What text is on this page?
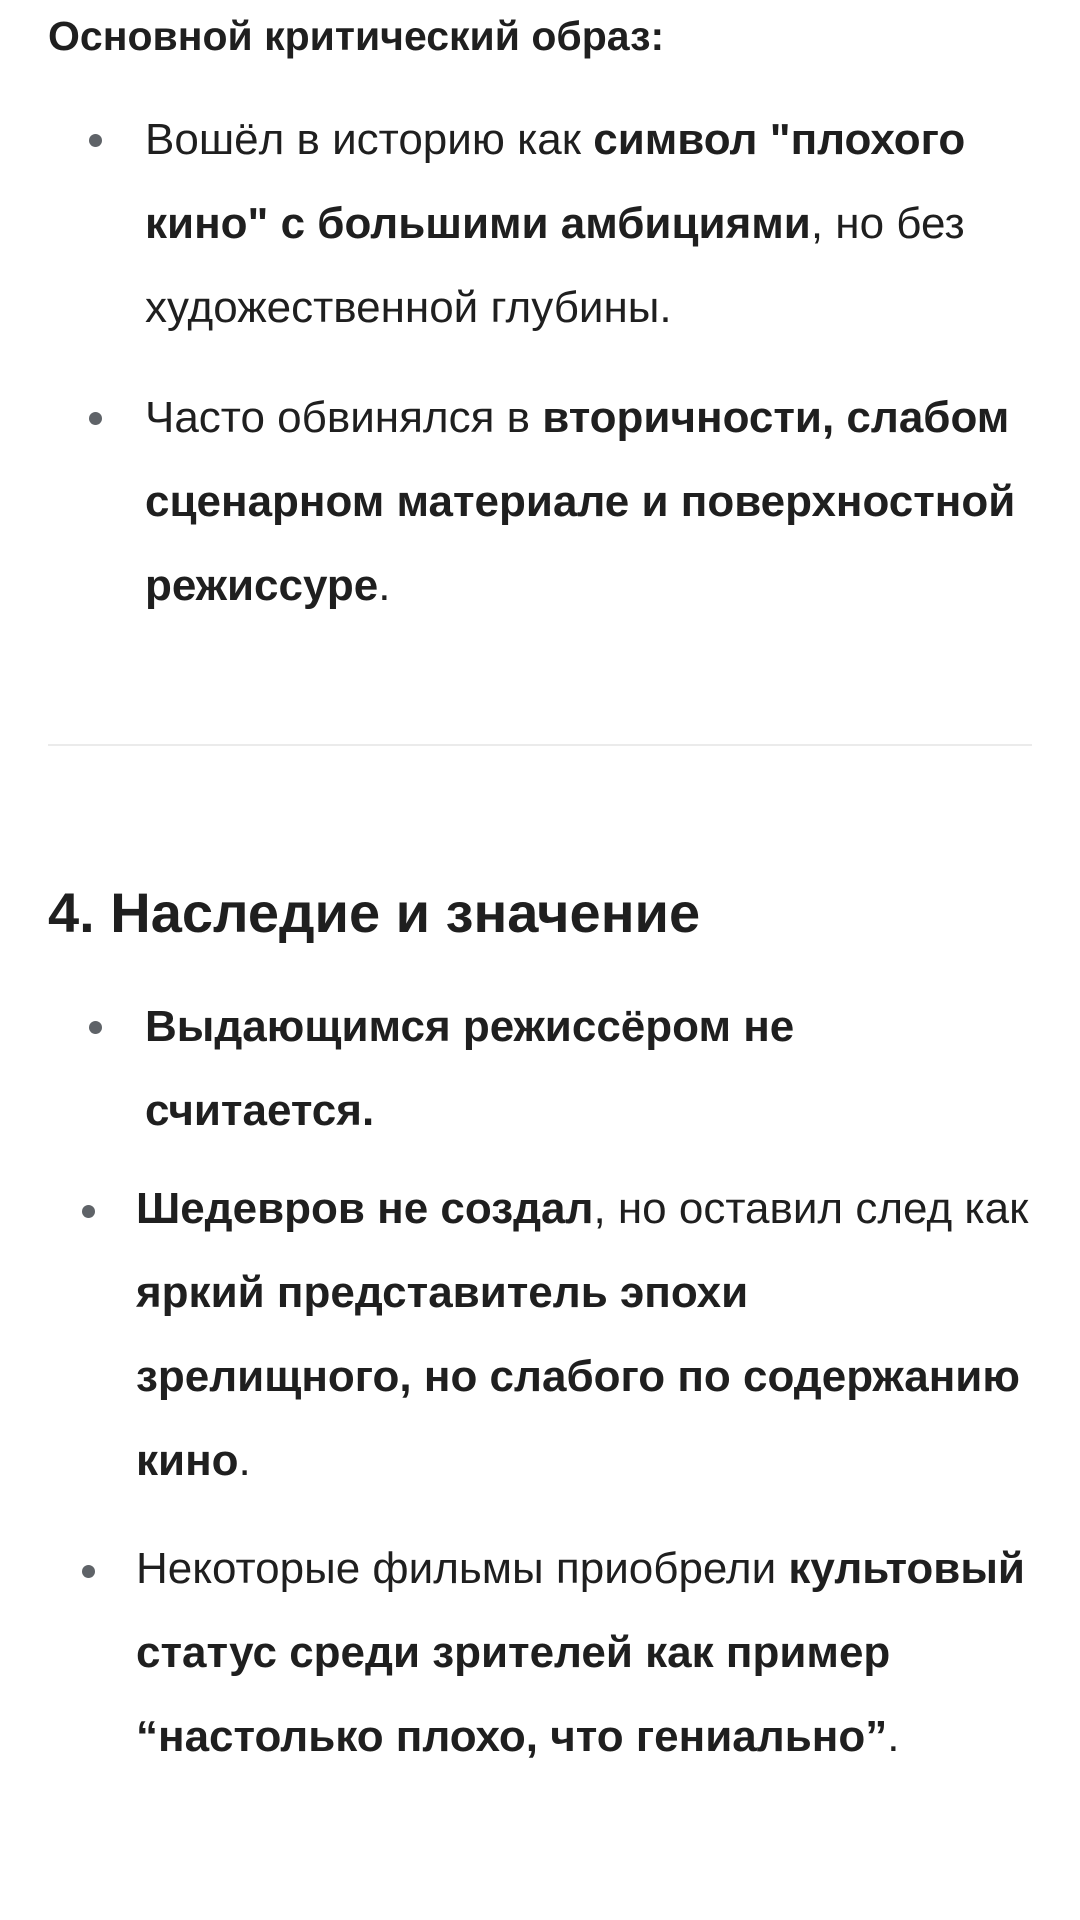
Основной критический образ:

Вошёл в историю как символ "плохого кино" с большими амбициями, но без художественной глубины.
Часто обвинялся в вторичности, слабом сценарном материале и поверхностной режиссуре.
4. Наследие и значение
Выдающимся режиссёром не считается.
Шедевров не создал, но оставил след как яркий представитель эпохи зрелищного, но слабого по содержанию кино.
Некоторые фильмы приобрели культовый статус среди зрителей как пример “настолько плохо, что гениально”.
